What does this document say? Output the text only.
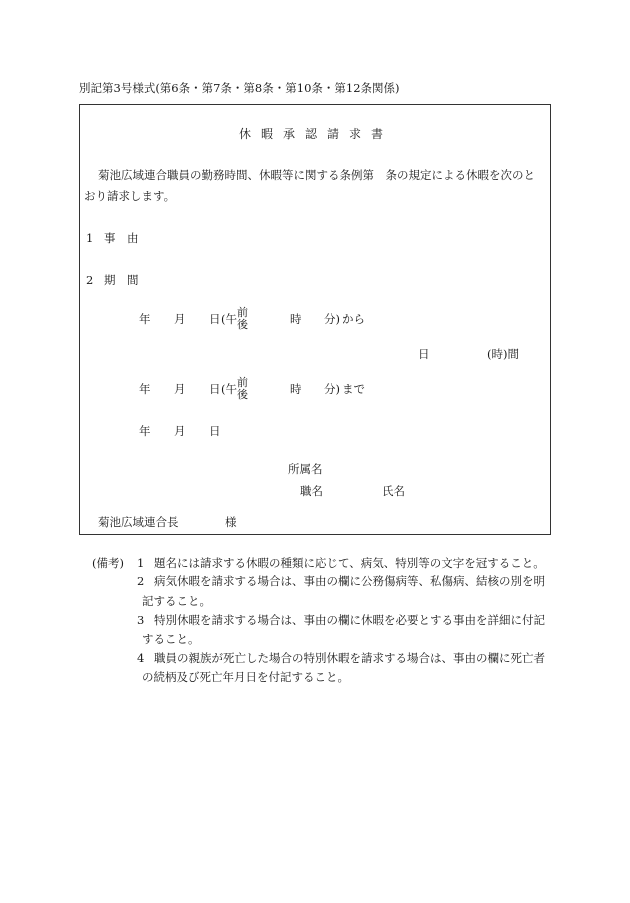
別記第3号様式(第6条・第7条・第8条・第10条・第12条関係)
休暇承認請求書
菊池広域連合職員の勤務時間、休暇等に関する条例第　条の規定による休暇を次のと
おり請求します。
1 事　由
2 期　間
年 月 日 (午 前
後	時 分) から
日	(時)間
年 月 日 (午 前
後	時 分) まで
年 月 日
所属名
職名	氏名
菊池広域連合長	様
(備考) 1 題名には請求する休暇の種類に応じて、病気、特別等の文字を冠すること。
2 病気休暇を請求する場合は、事由の欄に公務傷病等、私傷病、結核の別を明
記すること。
3 特別休暇を請求する場合は、事由の欄に休暇を必要とする事由を詳細に付記
すること。
4 職員の親族が死亡した場合の特別休暇を請求する場合は、事由の欄に死亡者
の続柄及び死亡年月日を付記すること。
